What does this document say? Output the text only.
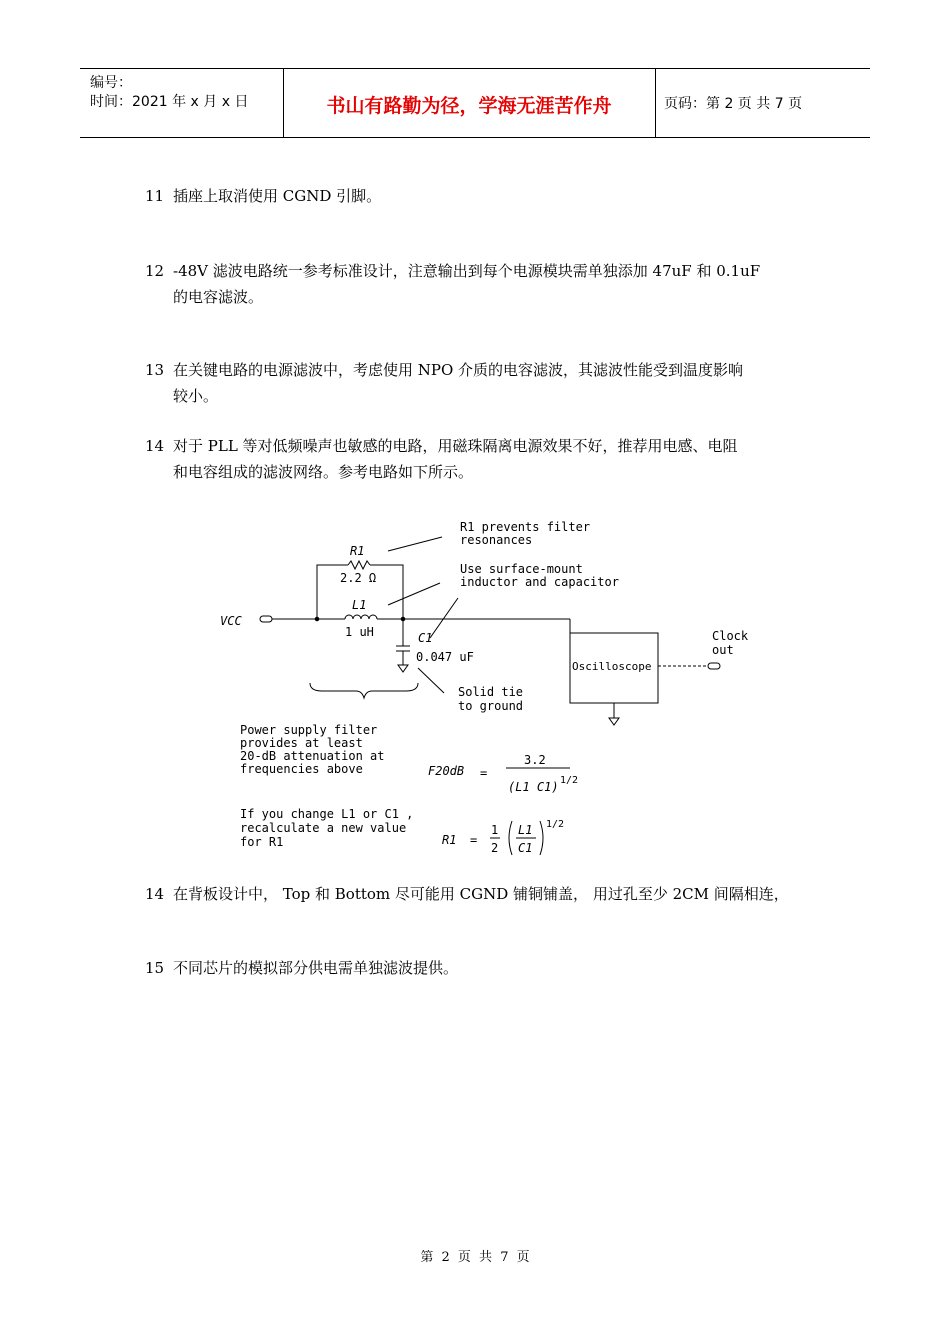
编号：
时间：2021 年 x 月 x 日	书山有路勤为径，学海无涯苦作舟	页码：第 2 页 共 7 页
11 插座上取消使用 CGND 引脚。
12 -48V 滤波电路统一参考标准设计，注意输出到每个电源模块需单独添加 47uF 和 0.1uF
的电容滤波。
13 在关键电路的电源滤波中，考虑使用 NPO 介质的电容滤波，其滤波性能受到温度影响
较小。
14 对于 PLL 等对低频噪声也敏感的电路，用磁珠隔离电源效果不好，推荐用电感、电阻
和电容组成的滤波网络。参考电路如下所示。
R1 prevents filter
resonances
R1
2.2 Ω
Use surface-mount
inductor and capacitor
L1
1 uH
VCC
C1
0.047 uF
Oscilloscope
Clock
out
Solid tie
to ground
Power supply filter
provides at least
20-dB attenuation at
frequencies above	F20dB =
3.2
(L1 C1) 1/2
If you change L1 or C1 ,
recalculate a new value
for R1	R1 =
1
2
L1
C1
1/2
14 在背板设计中， Top 和 Bottom 尽可能用 CGND 铺铜铺盖， 用过孔至少 2CM 间隔相连，
15 不同芯片的模拟部分供电需单独滤波提供。
第 2 页 共 7 页
